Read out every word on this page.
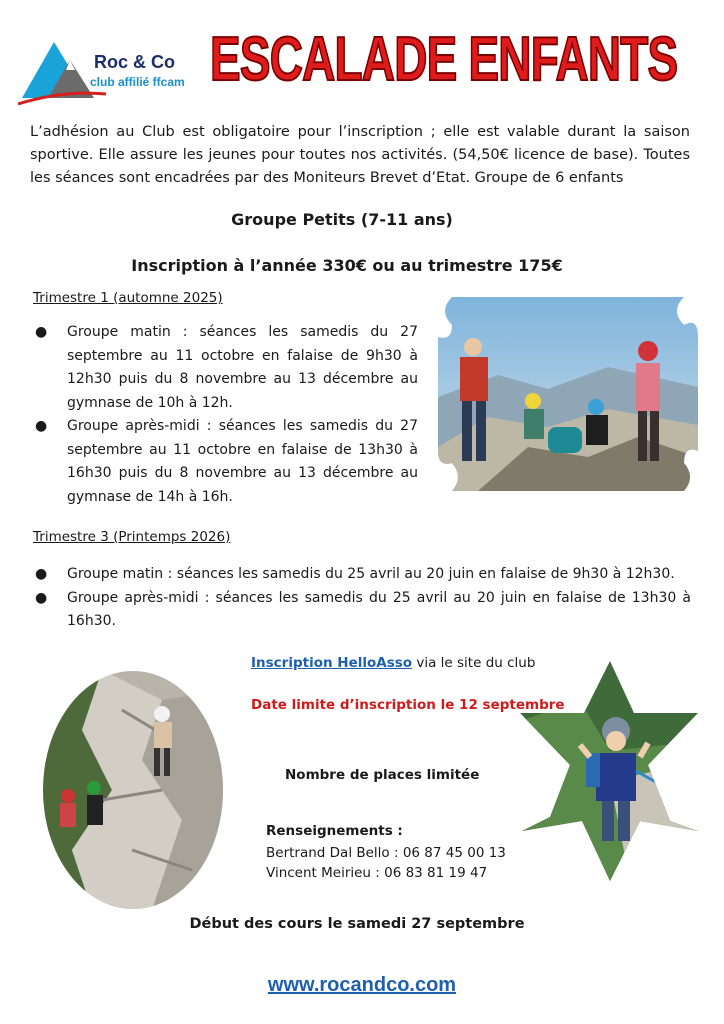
Roc & Co
club affilié ffcam ESCALADE ENFANTS
L’adhésion au Club est obligatoire pour l’inscription ; elle est valable durant la saison sportive. Elle assure les jeunes pour toutes nos activités. (54,50€ licence de base). Toutes les séances sont encadrées par des Moniteurs Brevet d’Etat. Groupe de 6 enfants
Groupe Petits (7-11 ans)
Inscription à l’année 330€ ou au trimestre 175€
Trimestre 1 (automne 2025)
● Groupe matin : séances les samedis du 27 septembre au 11 octobre en falaise de 9h30 à 12h30 puis du 8 novembre au 13 décembre au gymnase de 10h à 12h.
● Groupe après-midi : séances les samedis du 27 septembre au 11 octobre en falaise de 13h30 à 16h30 puis du 8 novembre au 13 décembre au gymnase de 14h à 16h.
Trimestre 3 (Printemps 2026)
● Groupe matin : séances les samedis du 25 avril au 20 juin en falaise de 9h30 à 12h30.
● Groupe après-midi : séances les samedis du 25 avril au 20 juin en falaise de 13h30 à 16h30.
Inscription HelloAsso via le site du club
Date limite d’inscription le 12 septembre
Nombre de places limitée
Renseignements :
Bertrand Dal Bello : 06 87 45 00 13
Vincent Meirieu : 06 83 81 19 47
Début des cours le samedi 27 septembre
www.rocandco.com
